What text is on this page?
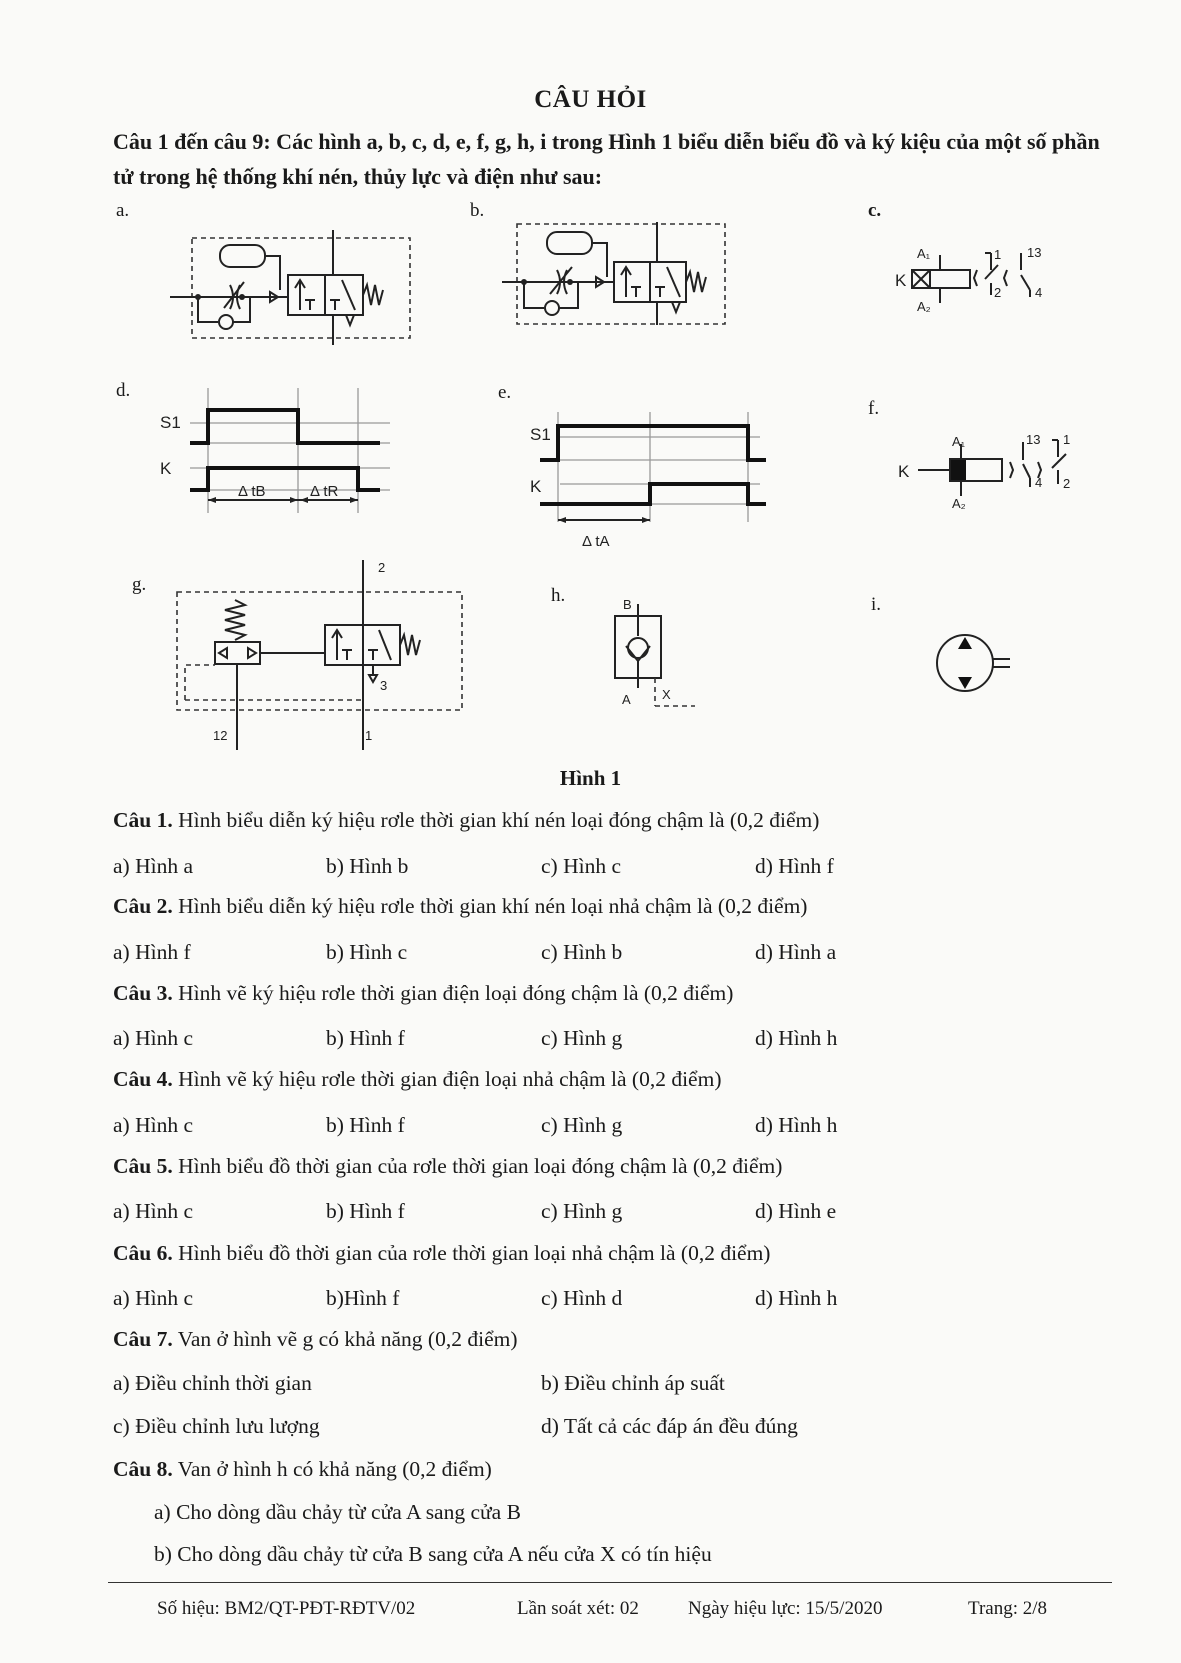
CÂU HỎI
Câu 1 đến câu 9: Các hình a, b, c, d, e, f, g, h, i trong Hình 1 biểu diễn biểu đồ và ký kiệu của một số phần tử trong hệ thống khí nén, thủy lực và điện như sau:
a.	b.	c.
d.	e.
f.
g.
h.	i.
K
A₁
A₂
1
2
13
4
S1
K
Δ tB	Δ tR
S1
K
Δ tA
K
A₁
A₂
13
4
1
2
2
3
12	1
B
A X
Hình 1
Câu 1. Hình biểu diễn ký hiệu rơle thời gian khí nén loại đóng chậm là (0,2 điểm)
a) Hình a	b) Hình b	c) Hình c	d) Hình f
Câu 2. Hình biểu diễn ký hiệu rơle thời gian khí nén loại nhả chậm là (0,2 điểm)
a) Hình f	b) Hình c	c) Hình b	d) Hình a
Câu 3. Hình vẽ ký hiệu rơle thời gian điện loại đóng chậm là (0,2 điểm)
a) Hình c	b) Hình f	c) Hình g	d) Hình h
Câu 4. Hình vẽ ký hiệu rơle thời gian điện loại nhả chậm là (0,2 điểm)
a) Hình c	b) Hình f	c) Hình g	d) Hình h
Câu 5. Hình biểu đồ thời gian của rơle thời gian loại đóng chậm là (0,2 điểm)
a) Hình c	b) Hình f	c) Hình g	d) Hình e
Câu 6. Hình biểu đồ thời gian của rơle thời gian loại nhả chậm là (0,2 điểm)
a) Hình c	b)Hình f	c) Hình d	d) Hình h
Câu 7. Van ở hình vẽ g có khả năng (0,2 điểm)
a) Điều chỉnh thời gian	b) Điều chỉnh áp suất
c) Điều chỉnh lưu lượng	d) Tất cả các đáp án đều đúng
Câu 8. Van ở hình h có khả năng (0,2 điểm)
a) Cho dòng dầu chảy từ cửa A sang cửa B
b) Cho dòng dầu chảy từ cửa B sang cửa A nếu cửa X có tín hiệu
Số hiệu: BM2/QT-PĐT-RĐTV/02	Lần soát xét: 02	Ngày hiệu lực: 15/5/2020	Trang: 2/8
